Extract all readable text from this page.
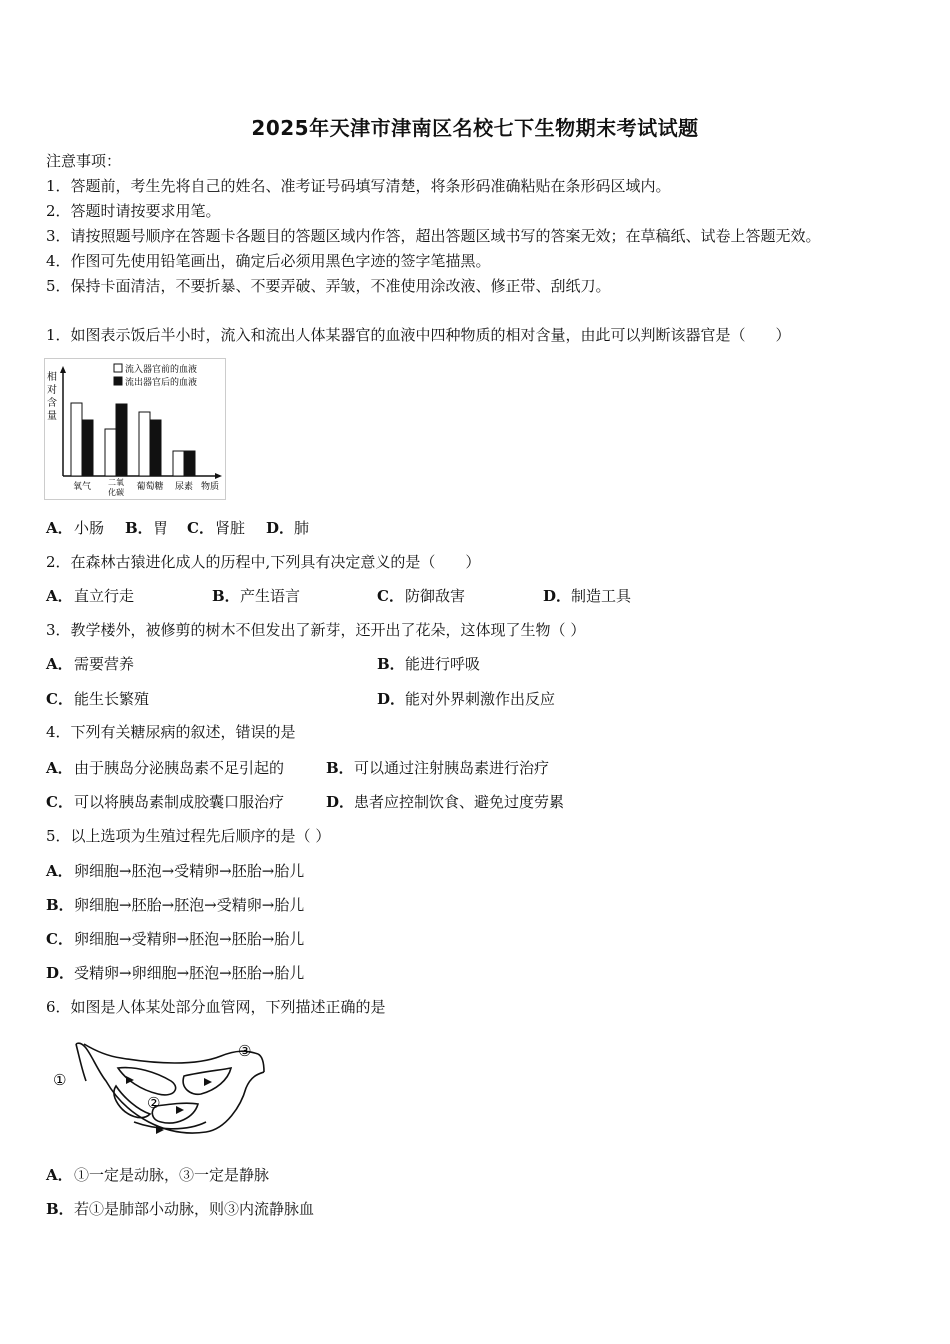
2025年天津市津南区名校七下生物期末考试试题
注意事项：
1．答题前，考生先将自己的姓名、准考证号码填写清楚，将条形码准确粘贴在条形码区域内。
2．答题时请按要求用笔。
3．请按照题号顺序在答题卡各题目的答题区域内作答，超出答题区域书写的答案无效；在草稿纸、试卷上答题无效。
4．作图可先使用铅笔画出，确定后必须用黑色字迹的签字笔描黑。
5．保持卡面清洁，不要折暴、不要弄破、弄皱，不准使用涂改液、修正带、刮纸刀。
1．如图表示饭后半小时，流入和流出人体某器官的血液中四种物质的相对含量，由此可以判断该器官是（　　）
相
对
含
量
氧气 二氧
化碳
葡萄糖 尿素 物质
流入器官前的血液
流出器官后的血液
A． 小肠 B． 胃 C． 肾脏 D． 肺
2．在森林古猿进化成人的历程中,下列具有决定意义的是（　　）
A． 直立行走	B． 产生语言	C． 防御敌害	D． 制造工具
3．教学楼外，被修剪的树木不但发出了新芽，还开出了花朵，这体现了生物（ ）
A． 需要营养	B． 能进行呼吸
C． 能生长繁殖	D． 能对外界刺激作出反应
4．下列有关糖尿病的叙述，错误的是
A． 由于胰岛分泌胰岛素不足引起的	B． 可以通过注射胰岛素进行治疗
C． 可以将胰岛素制成胶囊口服治疗	D． 患者应控制饮食、避免过度劳累
5．以上选项为生殖过程先后顺序的是（ ）
A． 卵细胞→胚泡→受精卵→胚胎→胎儿
B． 卵细胞→胚胎→胚泡→受精卵→胎儿
C． 卵细胞→受精卵→胚泡→胚胎→胎儿
D． 受精卵→卵细胞→胚泡→胚胎→胎儿
6．如图是人体某处部分血管网，下列描述正确的是
①
②
③
A． ①一定是动脉，③一定是静脉
B． 若①是肺部小动脉，则③内流静脉血
